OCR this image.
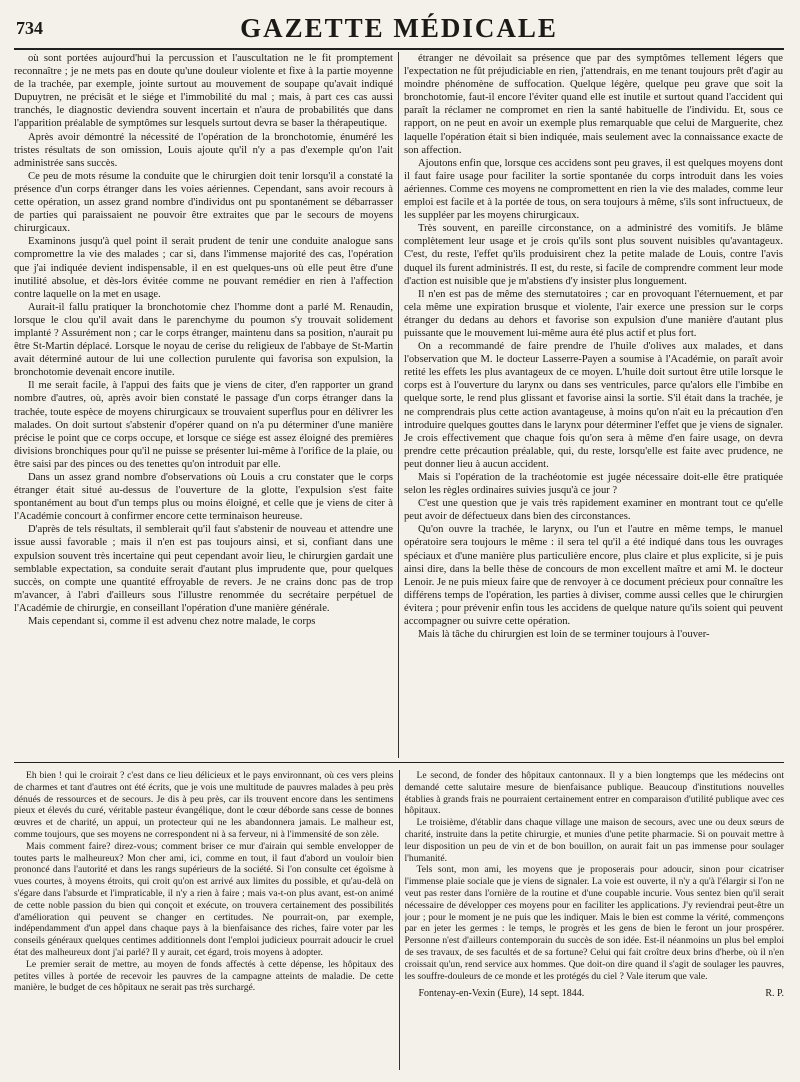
734	GAZETTE MÉDICALE

où sont portées aujourd'hui la percussion et l'auscultation ne le fit promptement reconnaître ; je ne mets pas en doute qu'une douleur violente et fixe à la partie moyenne de la trachée, par exemple, jointe surtout au mouvement de soupape qu'avait indiqué Dupuytren, ne précisât et le siége et l'immobilité du mal ; mais, à part ces cas aussi tranchés, le diagnostic deviendra souvent incertain et n'aura de probabilités que dans l'apparition préalable de symptômes sur lesquels surtout devra se baser la thérapeutique.

Après avoir démontré la nécessité de l'opération de la bronchotomie, énuméré les tristes résultats de son omission, Louis ajoute qu'il n'y a pas d'exemple qu'on l'ait administrée sans succès.

Ce peu de mots résume la conduite que le chirurgien doit tenir lorsqu'il a constaté la présence d'un corps étranger dans les voies aériennes. Cependant, sans avoir recours à cette opération, un assez grand nombre d'individus ont pu spontanément se débarrasser de parties qui paraissaient ne pouvoir être extraites que par le secours de moyens chirurgicaux.

Examinons jusqu'à quel point il serait prudent de tenir une conduite analogue sans compromettre la vie des malades ; car si, dans l'immense majorité des cas, l'opération que j'ai indiquée devient indispensable, il en est quelques-uns où elle peut être d'une inutilité absolue, et dès-lors évitée comme ne pouvant remédier en rien à l'affection contre laquelle on la met en usage.

Aurait-il fallu pratiquer la bronchotomie chez l'homme dont a parlé M. Renaudin, lorsque le clou qu'il avait dans le parenchyme du poumon s'y trouvait solidement implanté ? Assurément non ; car le corps étranger, maintenu dans sa position, n'aurait pu être St-Martin déplacé. Lorsque le noyau de cerise du religieux de l'abbaye de St-Martin avait déterminé autour de lui une collection purulente qui favorisa son expulsion, la bronchotomie devenait encore inutile.

Il me serait facile, à l'appui des faits que je viens de citer, d'en rapporter un grand nombre d'autres, où, après avoir bien constaté le passage d'un corps étranger dans la trachée, toute espèce de moyens chirurgicaux se trouvaient superflus pour en délivrer les malades. On doit surtout s'abstenir d'opérer quand on n'a pu déterminer d'une manière précise le point que ce corps occupe, et lorsque ce siége est assez éloigné des premières divisions bronchiques pour qu'il ne puisse se présenter lui-même à l'orifice de la plaie, ou être saisi par des pinces ou des tenettes qu'on introduit par elle.

Dans un assez grand nombre d'observations où Louis a cru constater que le corps étranger était situé au-dessus de l'ouverture de la glotte, l'expulsion s'est faite spontanément au bout d'un temps plus ou moins éloigné, et celle que je viens de citer à l'Académie concourt à confirmer encore cette terminaison heureuse.

D'après de tels résultats, il semblerait qu'il faut s'abstenir de nouveau et attendre une issue aussi favorable ; mais il n'en est pas toujours ainsi, et si, confiant dans une expulsion souvent très incertaine qui peut cependant avoir lieu, le chirurgien gardait une semblable expectation, sa conduite serait d'autant plus imprudente que, pour quelques succès, on compte une quantité effroyable de revers. Je ne crains donc pas de trop m'avancer, à l'abri d'ailleurs sous l'illustre renommée du secrétaire perpétuel de l'Académie de chirurgie, en conseillant l'opération d'une manière générale.

Mais cependant si, comme il est advenu chez notre malade, le corps

étranger ne dévoilait sa présence que par des symptômes tellement légers que l'expectation ne fût préjudiciable en rien, j'attendrais, en me tenant toujours prêt d'agir au moindre phénomène de suffocation. Quelque légère, quelque peu grave que soit la bronchotomie, faut-il encore l'éviter quand elle est inutile et surtout quand l'accident qui paraît la réclamer ne compromet en rien la santé habituelle de l'individu. Et, sous ce rapport, on ne peut en avoir un exemple plus remarquable que celui de Marguerite, chez laquelle l'opération était si bien indiquée, mais seulement avec la connaissance exacte de son affection.

Ajoutons enfin que, lorsque ces accidens sont peu graves, il est quelques moyens dont il faut faire usage pour faciliter la sortie spontanée du corps introduit dans les voies aériennes. Comme ces moyens ne compromettent en rien la vie des malades, comme leur emploi est facile et à la portée de tous, on sera toujours à même, s'ils sont infructueux, de les suppléer par les moyens chirurgicaux.

Très souvent, en pareille circonstance, on a administré des vomitifs. Je blâme complètement leur usage et je crois qu'ils sont plus souvent nuisibles qu'avantageux. C'est, du reste, l'effet qu'ils produisirent chez la petite malade de Louis, contre l'avis duquel ils furent administrés. Il est, du reste, si facile de comprendre comment leur mode d'action est nuisible que je m'abstiens d'y insister plus longuement.

Il n'en est pas de même des sternutatoires ; car en provoquant l'éternuement, et par cela même une expiration brusque et violente, l'air exerce une pression sur le corps étranger du dedans au dehors et favorise son expulsion d'une manière d'autant plus puissante que le mouvement lui-même aura été plus actif et plus fort.

On a recommandé de faire prendre de l'huile d'olives aux malades, et dans l'observation que M. le docteur Lasserre-Payen a soumise à l'Académie, on paraît avoir retité les effets les plus avantageux de ce moyen. L'huile doit surtout être utile lorsque le corps est à l'ouverture du larynx ou dans ses ventricules, parce qu'alors elle l'imbibe en quelque sorte, le rend plus glissant et favorise ainsi la sortie. S'il était dans la trachée, je ne comprendrais plus cette action avantageuse, à moins qu'on n'ait eu la précaution d'en introduire quelques gouttes dans le larynx pour déterminer l'effet que je viens de signaler. Je crois effectivement que chaque fois qu'on sera à même d'en faire usage, on devra prendre cette précaution préalable, qui, du reste, lorsqu'elle est faite avec prudence, ne peut donner lieu à aucun accident.

Mais si l'opération de la trachéotomie est jugée nécessaire doit-elle être pratiquée selon les règles ordinaires suivies jusqu'à ce jour ?

C'est une question que je vais très rapidement examiner en montrant tout ce qu'elle peut avoir de défectueux dans bien des circonstances.

Qu'on ouvre la trachée, le larynx, ou l'un et l'autre en même temps, le manuel opératoire sera toujours le même : il sera tel qu'il a été indiqué dans tous les ouvrages spéciaux et d'une manière plus particulière encore, plus claire et plus explicite, si je puis ainsi dire, dans la belle thèse de concours de mon excellent maître et ami M. le docteur Lenoir. Je ne puis mieux faire que de renvoyer à ce document précieux pour connaître les différens temps de l'opération, les parties à diviser, comme aussi celles que le chirurgien évitera ; pour prévenir enfin tous les accidens de quelque nature qu'ils soient qui peuvent accompagner ou suivre cette opération.

Mais là tâche du chirurgien est loin de se terminer toujours à l'ouver-

Eh bien ! qui le croirait ? c'est dans ce lieu délicieux et le pays environnant, où ces vers pleins de charmes et tant d'autres ont été écrits, que je vois une multitude de pauvres malades à peu près dénués de ressources et de secours. Je dis à peu près, car ils trouvent encore dans les sentimens pieux et élevés du curé, véritable pasteur évangélique, dont le cœur déborde sans cesse de bonnes œuvres et de charité, un appui, un protecteur qui ne les abandonnera jamais. Le malheur est, comme toujours, que ses moyens ne correspondent ni à sa ferveur, ni à l'immensité de son zèle.

Mais comment faire? direz-vous; comment briser ce mur d'airain qui semble envelopper de toutes parts le malheureux? Mon cher ami, ici, comme en tout, il faut d'abord un vouloir bien prononcé dans l'autorité et dans les rangs supérieurs de la société. Si l'on consulte cet égoïsme à vues courtes, à moyens étroits, qui croit qu'on est arrivé aux limites du possible, et qu'au-delà on s'égare dans l'absurde et l'impraticable, il n'y a rien à faire ; mais va-t-on plus avant, est-on animé de cette noble passion du bien qui conçoit et exécute, on trouvera certainement des possibilités d'amélioration qui peuvent se changer en certitudes. Ne pourrait-on, par exemple, indépendamment d'un appel dans chaque pays à la bienfaisance des riches, faire voter par les conseils généraux quelques centimes additionnels dont l'emploi judicieux pourrait adoucir le cruel état des malheureux dont j'ai parlé? Il y aurait, cet égard, trois moyens à adopter.

Le premier serait de mettre, au moyen de fonds affectés à cette dépense, les hôpitaux des petites villes à portée de recevoir les pauvres de la campagne atteints de maladie. De cette manière, le budget de ces hôpitaux ne serait pas très surchargé.

Le second, de fonder des hôpitaux cantonnaux. Il y a bien longtemps que les médecins ont demandé cette salutaire mesure de bienfaisance publique. Beaucoup d'institutions nouvelles établies à grands frais ne pourraient certainement entrer en comparaison d'utilité publique avec ces hôpitaux.

Le troisième, d'établir dans chaque village une maison de secours, avec une ou deux sœurs de charité, instruite dans la petite chirurgie, et munies d'une petite pharmacie. Si on pouvait mettre à leur disposition un peu de vin et de bon bouillon, on aurait fait un pas immense pour soulager l'humanité.

Tels sont, mon ami, les moyens que je proposerais pour adoucir, sinon pour cicatriser l'immense plaie sociale que je viens de signaler. La voie est ouverte, il n'y a qu'à l'élargir si l'on ne veut pas rester dans l'ornière de la routine et d'une coupable incurie. Vous sentez bien qu'il serait nécessaire de développer ces moyens pour en faciliter les applications. J'y reviendrai peut-être un jour ; pour le moment je ne puis que les indiquer. Mais le bien est comme la vérité, commençons par en jeter les germes : le temps, le progrès et les gens de bien le feront un jour prospérer. Personne n'est d'ailleurs contemporain du succès de son idée. Est-il néanmoins un plus bel emploi de ses travaux, de ses facultés et de sa fortune? Celui qui fait croître deux brins d'herbe, où il n'en croissait qu'un, rend service aux hommes. Que doit-on dire quand il s'agit de soulager les pauvres, les souffre-douleurs de ce monde et les protégés du ciel ? Vale iterum que vale.

Fontenay-en-Vexin (Eure), 14 sept. 1844.	R. P.
